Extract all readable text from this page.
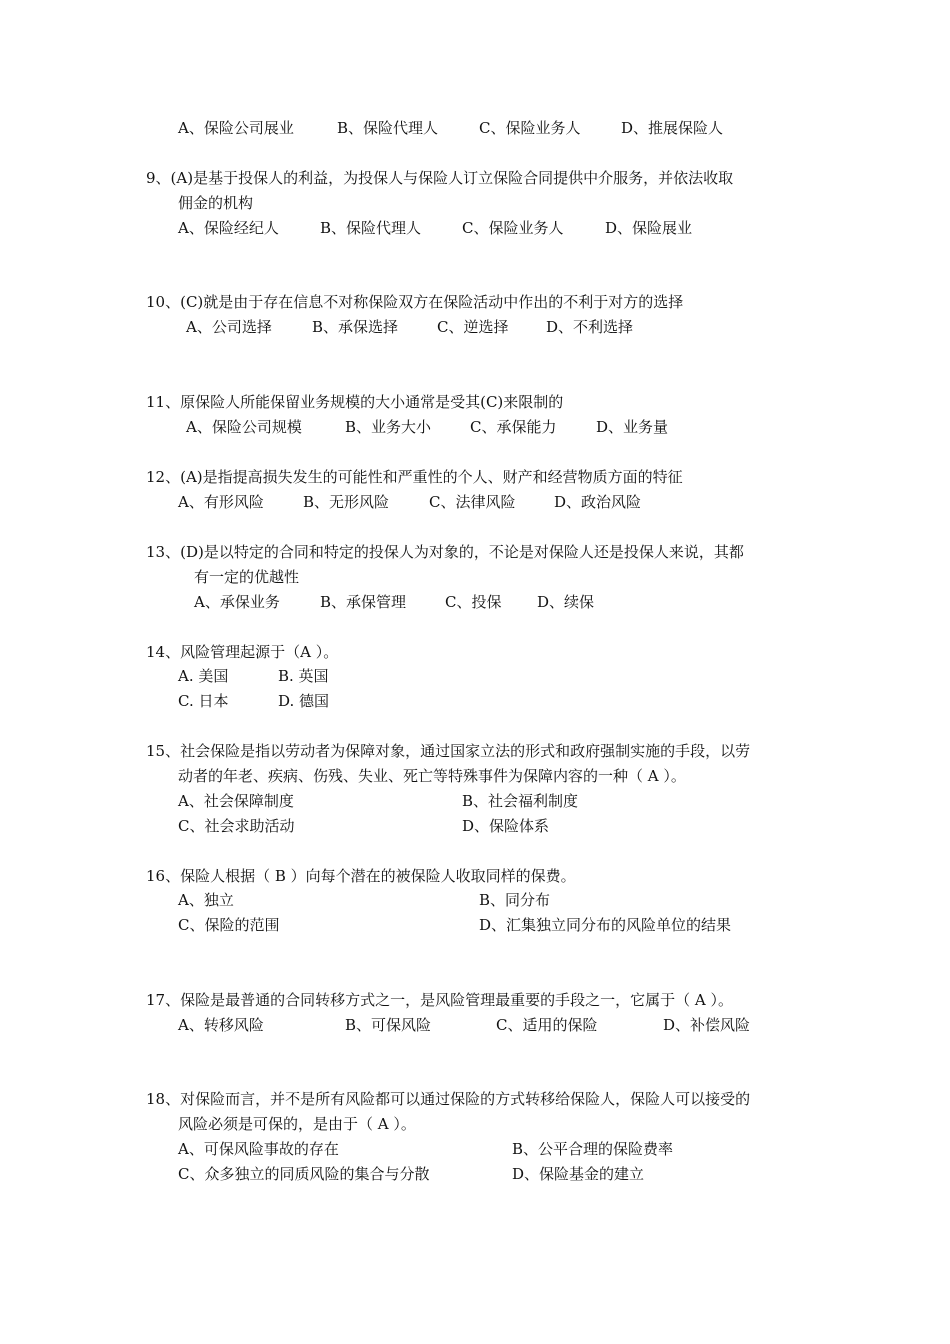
A、保险公司展业	B、保险代理人	C、保险业务人	D、推展保险人
9、(A)是基于投保人的利益，为投保人与保险人订立保险合同提供中介服务，并依法收取
佣金的机构
A、保险经纪人	B、保险代理人	C、保险业务人	D、保险展业
10、(C)就是由于存在信息不对称保险双方在保险活动中作出的不利于对方的选择
A、公司选择	B、承保选择	C、逆选择	D、不利选择
11、原保险人所能保留业务规模的大小通常是受其(C)来限制的
A、保险公司规模	B、业务大小	C、承保能力	D、业务量
12、(A)是指提高损失发生的可能性和严重性的个人、财产和经营物质方面的特征
A、有形风险	B、无形风险	C、法律风险	D、政治风险
13、(D)是以特定的合同和特定的投保人为对象的，不论是对保险人还是投保人来说，其都
有一定的优越性
A、承保业务	B、承保管理	C、投保 D、续保
14、风险管理起源于（A ）。
A. 美国	B. 英国
C. 日本	D. 德国
15、社会保险是指以劳动者为保障对象，通过国家立法的形式和政府强制实施的手段，以劳
动者的年老、疾病、伤残、失业、死亡等特殊事件为保障内容的一种（ A ）。
A、社会保障制度	B、社会福利制度
C、社会求助活动	D、保险体系
16、保险人根据（ B ）向每个潜在的被保险人收取同样的保费。
A、独立	B、同分布
C、保险的范围	D、汇集独立同分布的风险单位的结果
17、保险是最普通的合同转移方式之一，是风险管理最重要的手段之一，它属于（ A ）。
A、转移风险	B、可保风险	C、适用的保险	D、补偿风险
18、对保险而言，并不是所有风险都可以通过保险的方式转移给保险人，保险人可以接受的
风险必须是可保的，是由于（ A ）。
A、可保风险事故的存在	B、公平合理的保险费率
C、众多独立的同质风险的集合与分散	D、保险基金的建立
